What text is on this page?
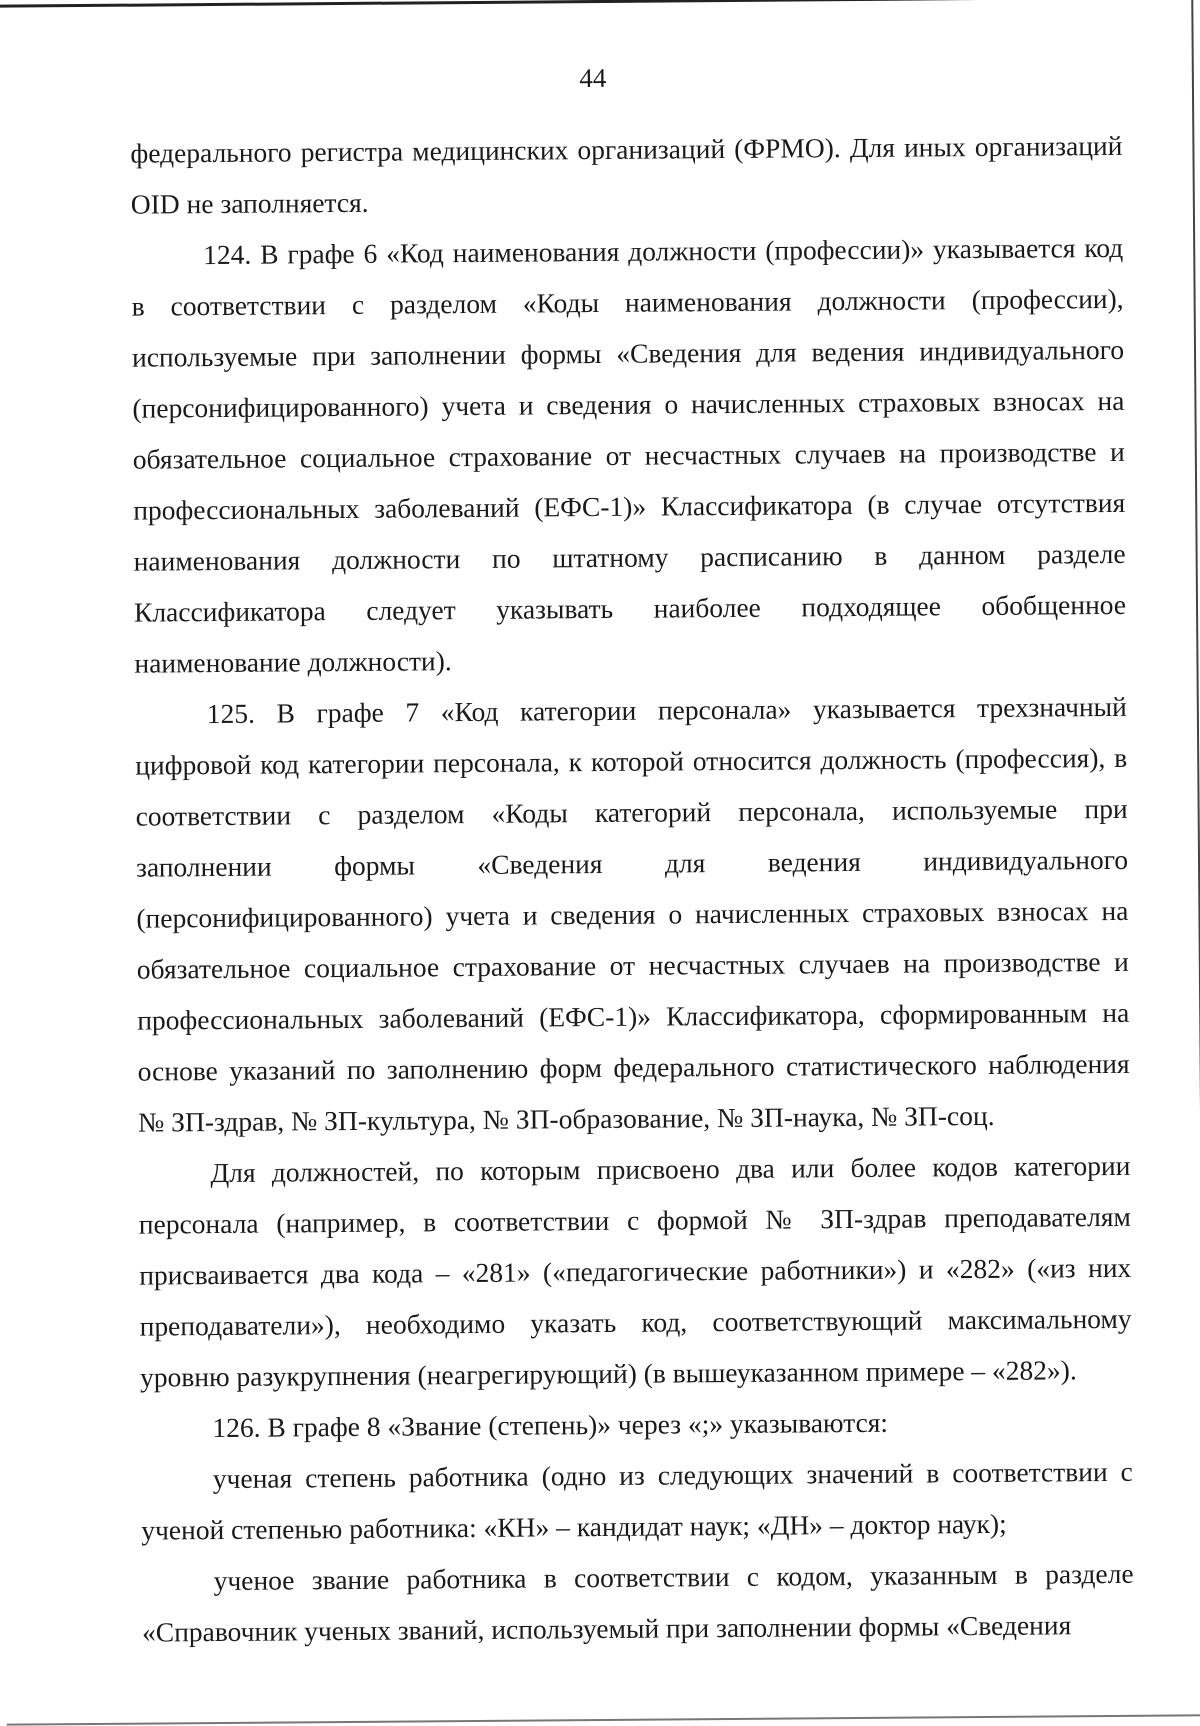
44

федерального регистра медицинских организаций (ФРМО). Для иных организаций OID не заполняется.

124. В графе 6 «Код наименования должности (профессии)» указывается код в соответствии с разделом «Коды наименования должности (профессии), используемые при заполнении формы «Сведения для ведения индивидуального (персонифицированного) учета и сведения о начисленных страховых взносах на обязательное социальное страхование от несчастных случаев на производстве и профессиональных заболеваний (ЕФС-1)» Классификатора (в случае отсутствия наименования должности по штатному расписанию в данном разделе Классификатора следует указывать наиболее подходящее обобщенное наименование должности).

125. В графе 7 «Код категории персонала» указывается трехзначный цифровой код категории персонала, к которой относится должность (профессия), в соответствии с разделом «Коды категорий персонала, используемые при заполнении формы «Сведения для ведения индивидуального (персонифицированного) учета и сведения о начисленных страховых взносах на обязательное социальное страхование от несчастных случаев на производстве и профессиональных заболеваний (ЕФС-1)» Классификатора, сформированным на основе указаний по заполнению форм федерального статистического наблюдения № ЗП-здрав, № ЗП-культура, № ЗП-образование, № ЗП-наука, № ЗП-соц.

Для должностей, по которым присвоено два или более кодов категории персонала (например, в соответствии с формой № ЗП-здрав преподавателям присваивается два кода – «281» («педагогические работники») и «282» («из них преподаватели»), необходимо указать код, соответствующий максимальному уровню разукрупнения (неагрегирующий) (в вышеуказанном примере – «282»).

126. В графе 8 «Звание (степень)» через «;» указываются:

ученая степень работника (одно из следующих значений в соответствии с ученой степенью работника: «КН» – кандидат наук; «ДН» – доктор наук);

ученое звание работника в соответствии с кодом, указанным в разделе «Справочник ученых званий, используемый при заполнении формы «Сведения
